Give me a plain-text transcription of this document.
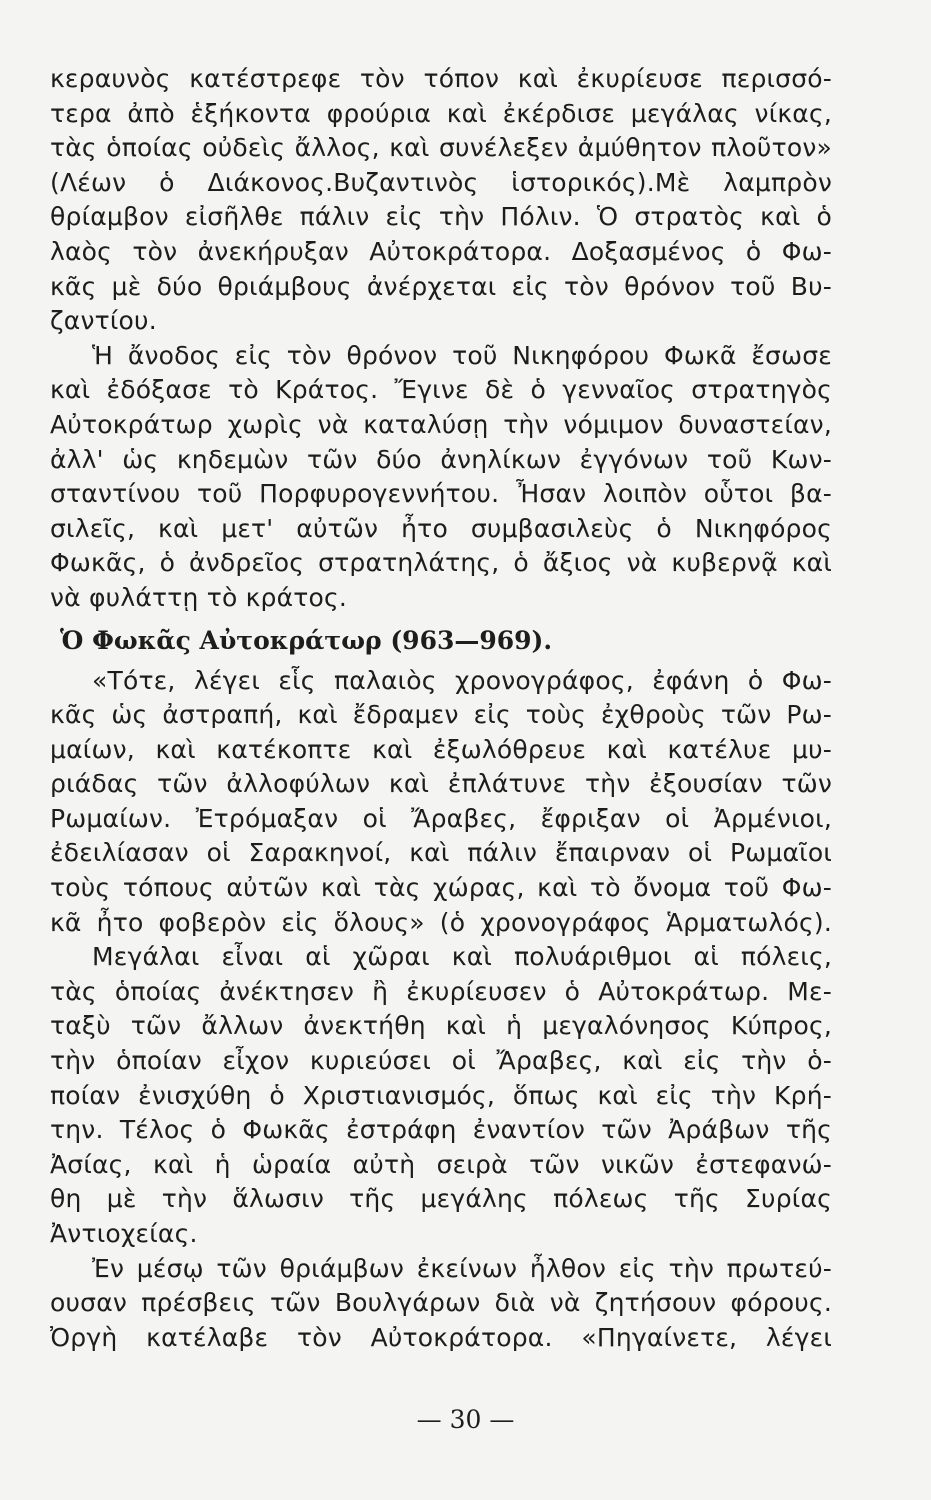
κεραυνὸς κατέστρεφε τὸν τόπον καὶ ἐκυρίευσε περισσό-
τερα ἀπὸ ἑξήκοντα φρούρια καὶ ἐκέρδισε μεγάλας νίκας,
τὰς ὁποίας οὐδεὶς ἄλλος, καὶ συνέλεξεν ἀμύθητον πλοῦτον»
(Λέων ὁ Διάκονος.Βυζαντινὸς ἱστορικός).Μὲ λαμπρὸν
θρίαμβον εἰσῆλθε πάλιν εἰς τὴν Πόλιν. Ὁ στρατὸς καὶ ὁ
λαὸς τὸν ἀνεκήρυξαν Αὐτοκράτορα. Δοξασμένος ὁ Φω-
κᾶς μὲ δύο θριάμβους ἀνέρχεται εἰς τὸν θρόνον τοῦ Βυ-
ζαντίου.
Ἡ ἄνοδος εἰς τὸν θρόνον τοῦ Νικηφόρου Φωκᾶ ἔσωσε
καὶ ἐδόξασε τὸ Κράτος. Ἔγινε δὲ ὁ γενναῖος στρατηγὸς
Αὐτοκράτωρ χωρὶς νὰ καταλύσῃ τὴν νόμιμον δυναστείαν,
ἀλλ' ὡς κηδεμὼν τῶν δύο ἀνηλίκων ἐγγόνων τοῦ Κων-
σταντίνου τοῦ Πορφυρογεννήτου. Ἦσαν λοιπὸν οὗτοι βα-
σιλεῖς, καὶ μετ' αὐτῶν ἦτο συμβασιλεὺς ὁ Νικηφόρος
Φωκᾶς, ὁ ἀνδρεῖος στρατηλάτης, ὁ ἄξιος νὰ κυβερνᾷ καὶ
νὰ φυλάττῃ τὸ κράτος.
Ὁ Φωκᾶς Αὐτοκράτωρ (963—969).
«Τότε, λέγει εἷς παλαιὸς χρονογράφος, ἐφάνη ὁ Φω-
κᾶς ὡς ἀστραπή, καὶ ἔδραμεν εἰς τοὺς ἐχθροὺς τῶν Ρω-
μαίων, καὶ κατέκοπτε καὶ ἐξωλόθρευε καὶ κατέλυε μυ-
ριάδας τῶν ἀλλοφύλων καὶ ἐπλάτυνε τὴν ἐξουσίαν τῶν
Ρωμαίων. Ἐτρόμαξαν οἱ Ἄραβες, ἔφριξαν οἱ Ἀρμένιοι,
ἐδειλίασαν οἱ Σαρακηνοί, καὶ πάλιν ἔπαιρναν οἱ Ρωμαῖοι
τοὺς τόπους αὐτῶν καὶ τὰς χώρας, καὶ τὸ ὄνομα τοῦ Φω-
κᾶ ἦτο φοβερὸν εἰς ὅλους» (ὁ χρονογράφος Ἁρματωλός).
Μεγάλαι εἶναι αἱ χῶραι καὶ πολυάριθμοι αἱ πόλεις,
τὰς ὁποίας ἀνέκτησεν ἢ ἐκυρίευσεν ὁ Αὐτοκράτωρ. Με-
ταξὺ τῶν ἄλλων ἀνεκτήθη καὶ ἡ μεγαλόνησος Κύπρος,
τὴν ὁποίαν εἶχον κυριεύσει οἱ Ἄραβες, καὶ εἰς τὴν ὁ-
ποίαν ἐνισχύθη ὁ Χριστιανισμός, ὅπως καὶ εἰς τὴν Κρή-
την. Τέλος ὁ Φωκᾶς ἐστράφη ἐναντίον τῶν Ἀράβων τῆς
Ἀσίας, καὶ ἡ ὡραία αὐτὴ σειρὰ τῶν νικῶν ἐστεφανώ-
θη μὲ τὴν ἅλωσιν τῆς μεγάλης πόλεως τῆς Συρίας
Ἀντιοχείας.
Ἐν μέσῳ τῶν θριάμβων ἐκείνων ἦλθον εἰς τὴν πρωτεύ-
ουσαν πρέσβεις τῶν Βουλγάρων διὰ νὰ ζητήσουν φόρους.
Ὀργὴ κατέλαβε τὸν Αὐτοκράτορα. «Πηγαίνετε, λέγει
— 30 —
